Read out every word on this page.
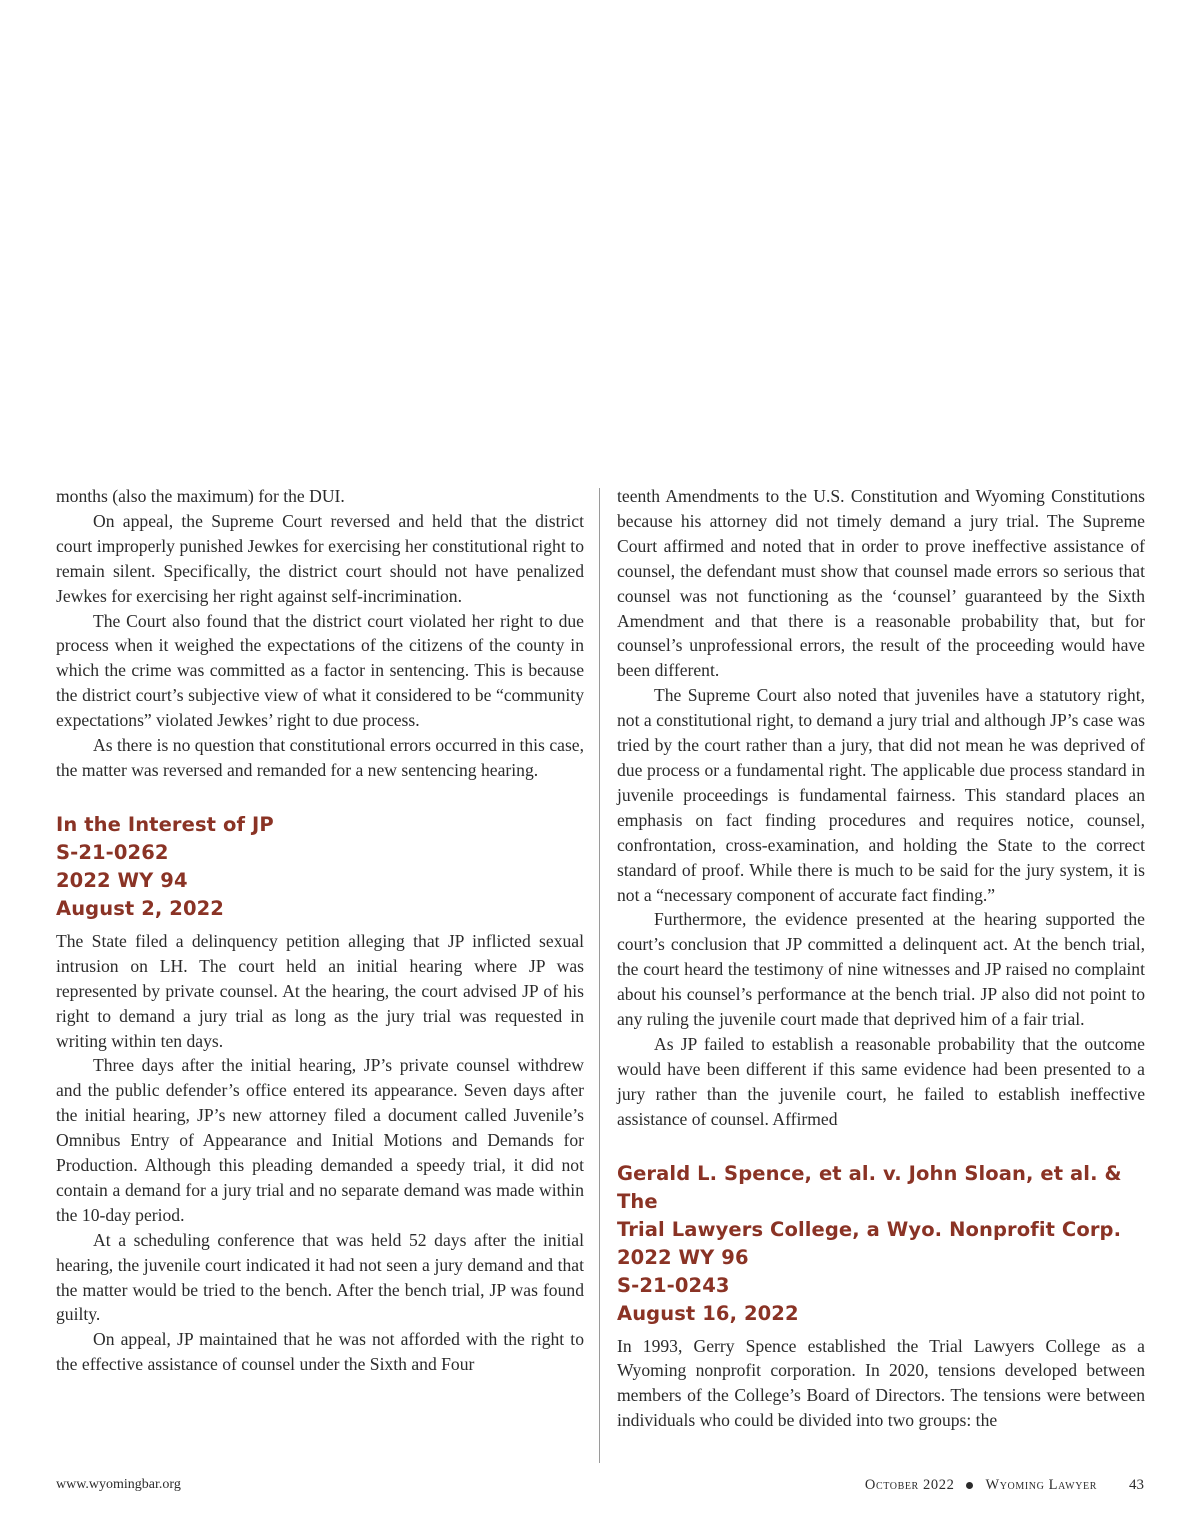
months (also the maximum) for the DUI.

On appeal, the Supreme Court reversed and held that the district court improperly punished Jewkes for exercising her constitutional right to remain silent. Specifically, the district court should not have penalized Jewkes for exercising her right against self-incrimination.

The Court also found that the district court violated her right to due process when it weighed the expectations of the citizens of the county in which the crime was committed as a factor in sentencing. This is because the district court’s subjective view of what it considered to be “community expectations” violated Jewkes’ right to due process.

As there is no question that constitutional errors occurred in this case, the matter was reversed and remanded for a new sentencing hearing.

In the Interest of JP
S-21-0262
2022 WY 94
August 2, 2022

The State filed a delinquency petition alleging that JP inflicted sexual intrusion on LH. The court held an initial hearing where JP was represented by private counsel. At the hearing, the court advised JP of his right to demand a jury trial as long as the jury trial was requested in writing within ten days.

Three days after the initial hearing, JP’s private counsel withdrew and the public defender’s office entered its appearance. Seven days after the initial hearing, JP’s new attorney filed a document called Juvenile’s Omnibus Entry of Appearance and Initial Motions and Demands for Production. Although this pleading demanded a speedy trial, it did not contain a demand for a jury trial and no separate demand was made within the 10-day period.

At a scheduling conference that was held 52 days after the initial hearing, the juvenile court indicated it had not seen a jury demand and that the matter would be tried to the bench. After the bench trial, JP was found guilty.

On appeal, JP maintained that he was not afforded with the right to the effective assistance of counsel under the Sixth and Four

teenth Amendments to the U.S. Constitution and Wyoming Constitutions because his attorney did not timely demand a jury trial. The Supreme Court affirmed and noted that in order to prove ineffective assistance of counsel, the defendant must show that counsel made errors so serious that counsel was not functioning as the ‘counsel’ guaranteed by the Sixth Amendment and that there is a reasonable probability that, but for counsel’s unprofessional errors, the result of the proceeding would have been different.

The Supreme Court also noted that juveniles have a statutory right, not a constitutional right, to demand a jury trial and although JP’s case was tried by the court rather than a jury, that did not mean he was deprived of due process or a fundamental right. The applicable due process standard in juvenile proceedings is fundamental fairness. This standard places an emphasis on fact finding procedures and requires notice, counsel, confrontation, cross-examination, and holding the State to the correct standard of proof. While there is much to be said for the jury system, it is not a “necessary component of accurate fact finding.”

Furthermore, the evidence presented at the hearing supported the court’s conclusion that JP committed a delinquent act. At the bench trial, the court heard the testimony of nine witnesses and JP raised no complaint about his counsel’s performance at the bench trial. JP also did not point to any ruling the juvenile court made that deprived him of a fair trial.

As JP failed to establish a reasonable probability that the outcome would have been different if this same evidence had been presented to a jury rather than the juvenile court, he failed to establish ineffective assistance of counsel. Affirmed

Gerald L. Spence, et al. v. John Sloan, et al. & The
Trial Lawyers College, a Wyo. Nonprofit Corp.
2022 WY 96
S-21-0243
August 16, 2022

In 1993, Gerry Spence established the Trial Lawyers College as a Wyoming nonprofit corporation. In 2020, tensions developed between members of the College’s Board of Directors. The tensions were between individuals who could be divided into two groups: the

www.wyomingbar.org	October 2022 Wyoming Lawyer 43
